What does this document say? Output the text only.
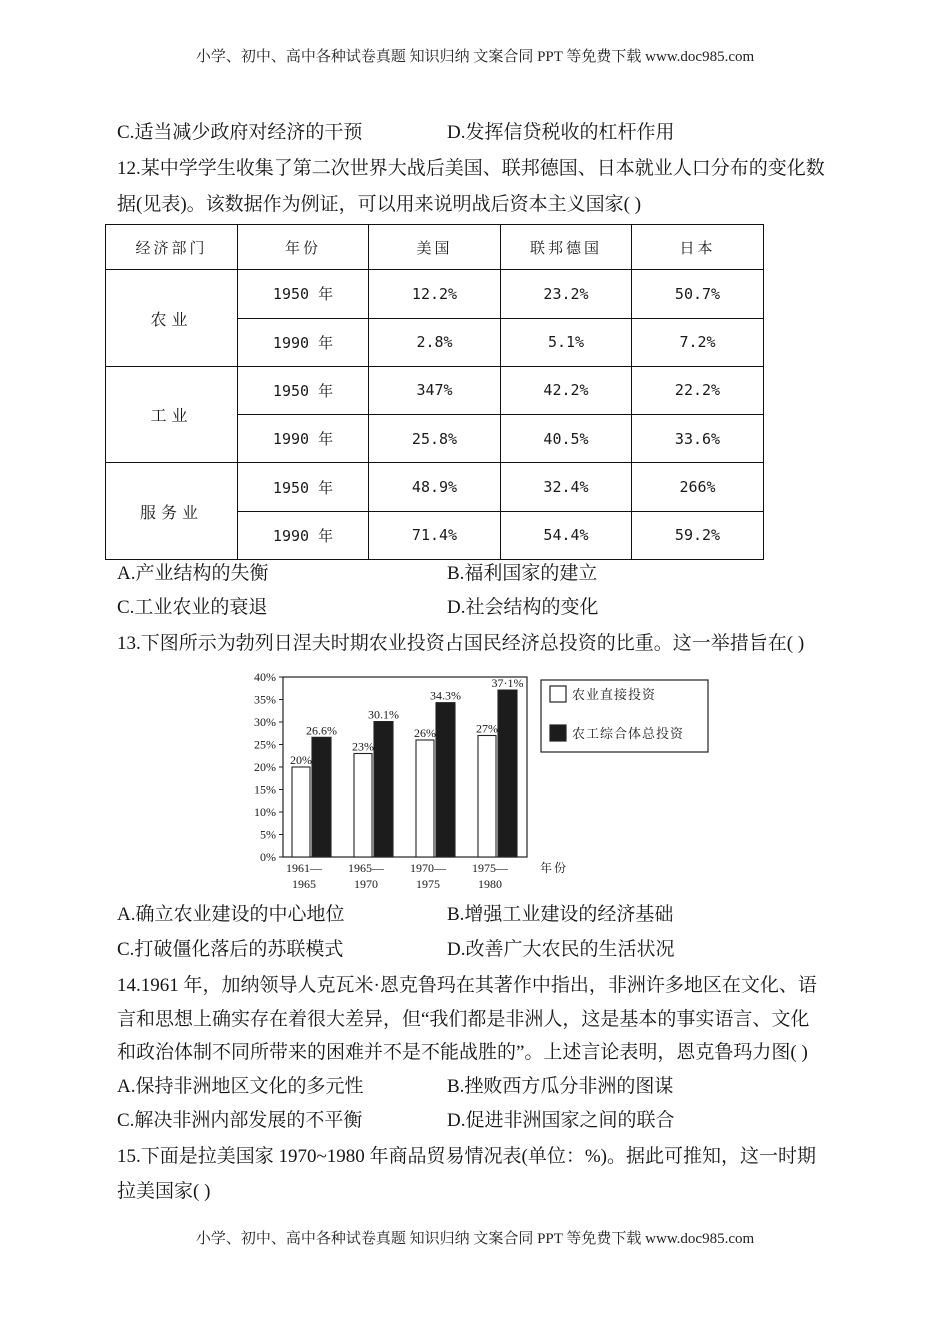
小学、初中、高中各种试卷真题 知识归纳 文案合同 PPT 等免费下载 www.doc985.com
C.适当减少政府对经济的干预	D.发挥信贷税收的杠杆作用
12.某中学学生收集了第二次世界大战后美国、联邦德国、日本就业人口分布的变化数
据(见表)。该数据作为例证，可以用来说明战后资本主义国家( )
经济部门	年份	美国	联邦德国	日本
农业	1950 年	12.2%	23.2%	50.7%
	1990 年	2.8%	5.1%	7.2%
工业	1950 年	347%	42.2%	22.2%
	1990 年	25.8%	40.5%	33.6%
服务业	1950 年	48.9%	32.4%	266%
	1990 年	71.4%	54.4%	59.2%
A.产业结构的失衡	B.福利国家的建立
C.工业农业的衰退	D.社会结构的变化
13.下图所示为勃列日涅夫时期农业投资占国民经济总投资的比重。这一举措旨在( )
0%
5%
10%
15%
20%
25%
30%
35%
40%
20%
23%
26%	27%
26.6%
30.1%
34.3%
37·1%
1961—
1965
1965—
1970
1970—
1975
1975—
1980
年份
农业直接投资
农工综合体总投资
A.确立农业建设的中心地位	B.增强工业建设的经济基础
C.打破僵化落后的苏联模式	D.改善广大农民的生活状况
14.1961 年，加纳领导人克瓦米·恩克鲁玛在其著作中指出，非洲许多地区在文化、语
言和思想上确实存在着很大差异，但“我们都是非洲人，这是基本的事实语言、文化
和政治体制不同所带来的困难并不是不能战胜的”。上述言论表明，恩克鲁玛力图( )
A.保持非洲地区文化的多元性	B.挫败西方瓜分非洲的图谋
C.解决非洲内部发展的不平衡	D.促进非洲国家之间的联合
15.下面是拉美国家 1970~1980 年商品贸易情况表(单位：%)。据此可推知，这一时期
拉美国家( )
小学、初中、高中各种试卷真题 知识归纳 文案合同 PPT 等免费下载 www.doc985.com
